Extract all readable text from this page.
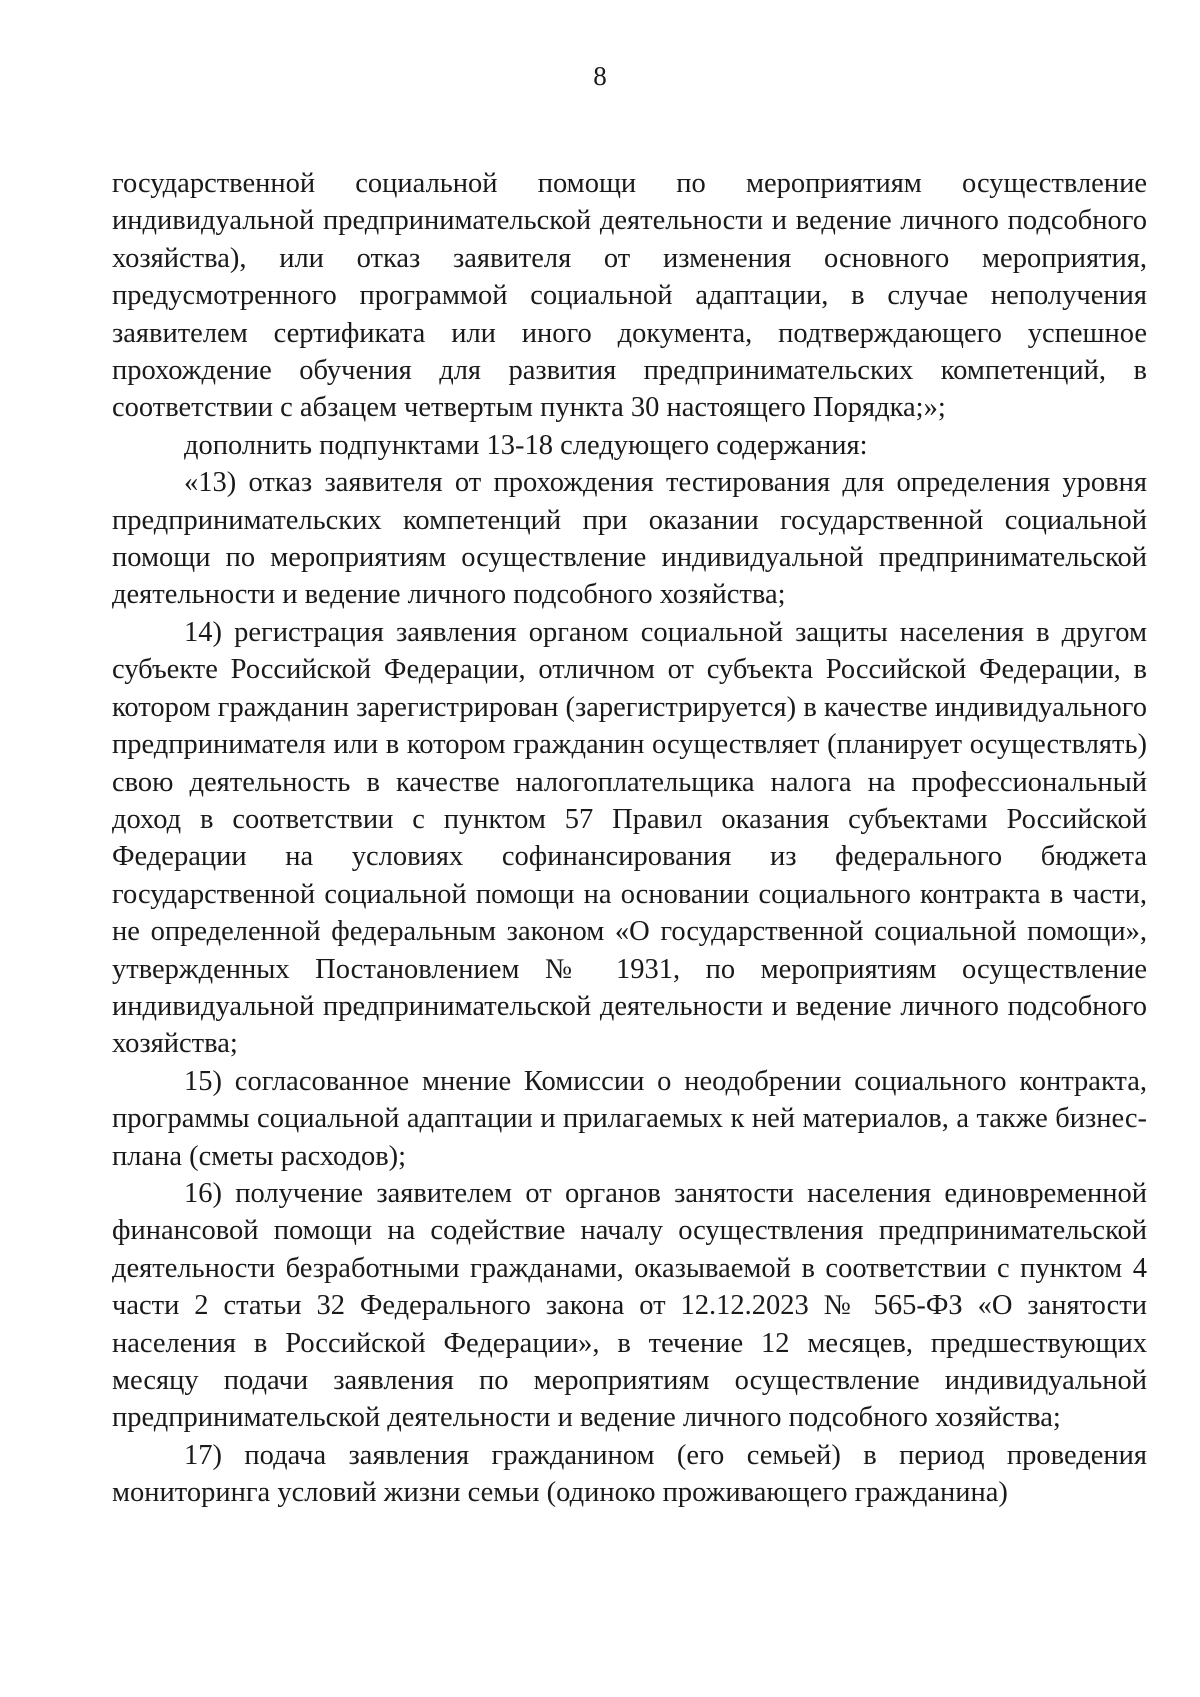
8

государственной социальной помощи по мероприятиям осуществление индивидуальной предпринимательской деятельности и ведение личного подсобного хозяйства), или отказ заявителя от изменения основного мероприятия, предусмотренного программой социальной адаптации, в случае неполучения заявителем сертификата или иного документа, подтверждающего успешное прохождение обучения для развития предпринимательских компетенций, в соответствии с абзацем четвертым пункта 30 настоящего Порядка;»;

дополнить подпунктами 13-18 следующего содержания:

«13) отказ заявителя от прохождения тестирования для определения уровня предпринимательских компетенций при оказании государственной социальной помощи по мероприятиям осуществление индивидуальной предпринимательской деятельности и ведение личного подсобного хозяйства;

14) регистрация заявления органом социальной защиты населения в другом субъекте Российской Федерации, отличном от субъекта Российской Федерации, в котором гражданин зарегистрирован (зарегистрируется) в качестве индивидуального предпринимателя или в котором гражданин осуществляет (планирует осуществлять) свою деятельность в качестве налогоплательщика налога на профессиональный доход в соответствии с пунктом 57 Правил оказания субъектами Российской Федерации на условиях софинансирования из федерального бюджета государственной социальной помощи на основании социального контракта в части, не определенной федеральным законом «О государственной социальной помощи», утвержденных Постановлением № 1931, по мероприятиям осуществление индивидуальной предпринимательской деятельности и ведение личного подсобного хозяйства;

15) согласованное мнение Комиссии о неодобрении социального контракта, программы социальной адаптации и прилагаемых к ней материалов, а также бизнес-плана (сметы расходов);

16) получение заявителем от органов занятости населения единовременной финансовой помощи на содействие началу осуществления предпринимательской деятельности безработными гражданами, оказываемой в соответствии с пунктом 4 части 2 статьи 32 Федерального закона от 12.12.2023 № 565-ФЗ «О занятости населения в Российской Федерации», в течение 12 месяцев, предшествующих месяцу подачи заявления по мероприятиям осуществление индивидуальной предпринимательской деятельности и ведение личного подсобного хозяйства;

17) подача заявления гражданином (его семьей) в период проведения мониторинга условий жизни семьи (одиноко проживающего гражданина)
